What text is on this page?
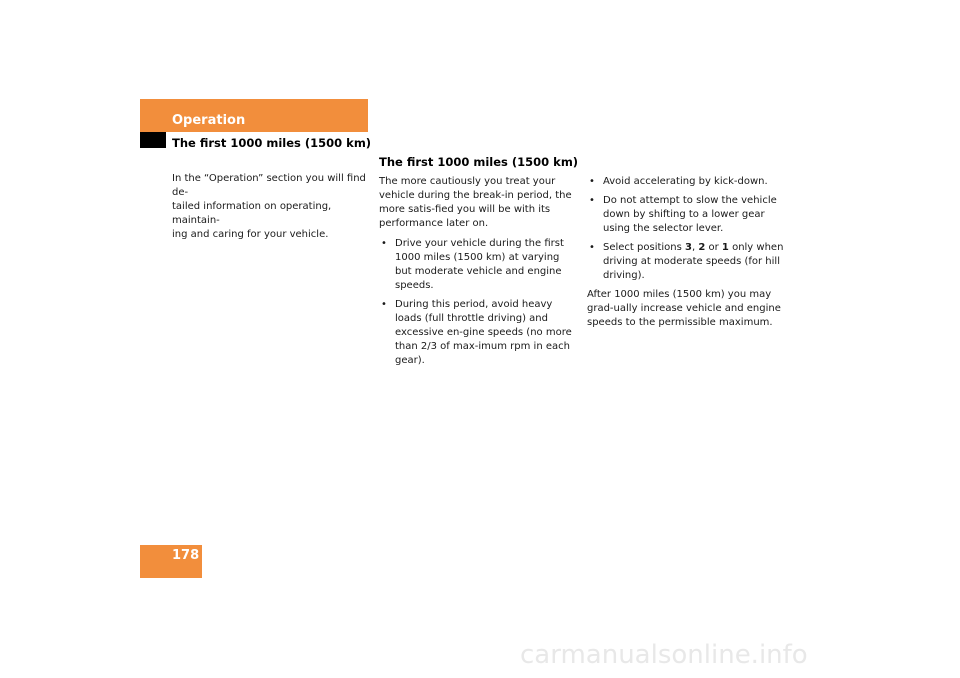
Operation
The first 1000 miles (1500 km)
In the “Operation” section you will find de-
tailed information on operating, maintain-
ing and caring for your vehicle.
The first 1000 miles (1500 km)

The more cautiously you treat your vehicle during the break-in period, the more satis-fied you will be with its performance later on.

• Drive your vehicle during the first 1000 miles (1500 km) at varying but moderate vehicle and engine speeds.
• During this period, avoid heavy loads (full throttle driving) and excessive en-gine speeds (no more than 2/3 of max-imum rpm in each gear).
• Avoid accelerating by kick-down.
• Do not attempt to slow the vehicle down by shifting to a lower gear using the selector lever.
• Select positions 3, 2 or 1 only when driving at moderate speeds (for hill driving).

After 1000 miles (1500 km) you may grad-ually increase vehicle and engine speeds to the permissible maximum.

178
carmanualsonline.info
